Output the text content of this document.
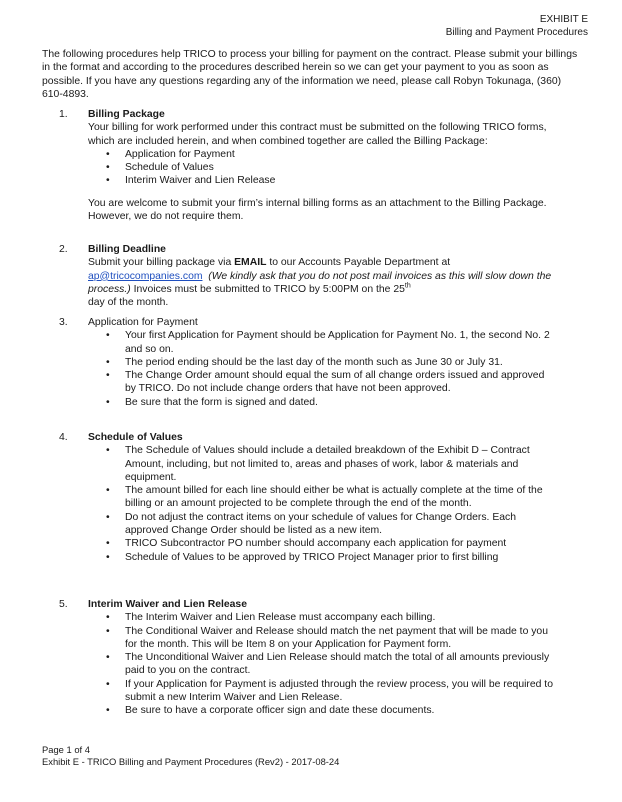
EXHIBIT E
Billing and Payment Procedures
The following procedures help TRICO to process your billing for payment on the contract. Please submit your billings in the format and according to the procedures described herein so we can get your payment to you as soon as possible. If you have any questions regarding any of the information we need, please call Robyn Tokunaga, (360) 610-4893.
1. Billing Package
Your billing for work performed under this contract must be submitted on the following TRICO forms, which are included herein, and when combined together are called the Billing Package:
• Application for Payment
• Schedule of Values
• Interim Waiver and Lien Release
You are welcome to submit your firm’s internal billing forms as an attachment to the Billing Package. However, we do not require them.
2. Billing Deadline
Submit your billing package via EMAIL to our Accounts Payable Department at
ap@tricocompanies.com (We kindly ask that you do not post mail invoices as this will slow down the process.) Invoices must be submitted to TRICO by 5:00PM on the 25th
day of the month.
3. Application for Payment
• Your first Application for Payment should be Application for Payment No. 1, the second No. 2 and so on.
• The period ending should be the last day of the month such as June 30 or July 31.
• The Change Order amount should equal the sum of all change orders issued and approved by TRICO. Do not include change orders that have not been approved.
• Be sure that the form is signed and dated.
4. Schedule of Values
• The Schedule of Values should include a detailed breakdown of the Exhibit D – Contract Amount, including, but not limited to, areas and phases of work, labor & materials and equipment.
• The amount billed for each line should either be what is actually complete at the time of the billing or an amount projected to be complete through the end of the month.
• Do not adjust the contract items on your schedule of values for Change Orders. Each approved Change Order should be listed as a new item.
• TRICO Subcontractor PO number should accompany each application for payment
• Schedule of Values to be approved by TRICO Project Manager prior to first billing
5. Interim Waiver and Lien Release
• The Interim Waiver and Lien Release must accompany each billing.
• The Conditional Waiver and Release should match the net payment that will be made to you for the month. This will be Item 8 on your Application for Payment form.
• The Unconditional Waiver and Lien Release should match the total of all amounts previously paid to you on the contract.
• If your Application for Payment is adjusted through the review process, you will be required to submit a new Interim Waiver and Lien Release.
• Be sure to have a corporate officer sign and date these documents.
Page 1 of 4
Exhibit E - TRICO Billing and Payment Procedures (Rev2) - 2017-08-24
